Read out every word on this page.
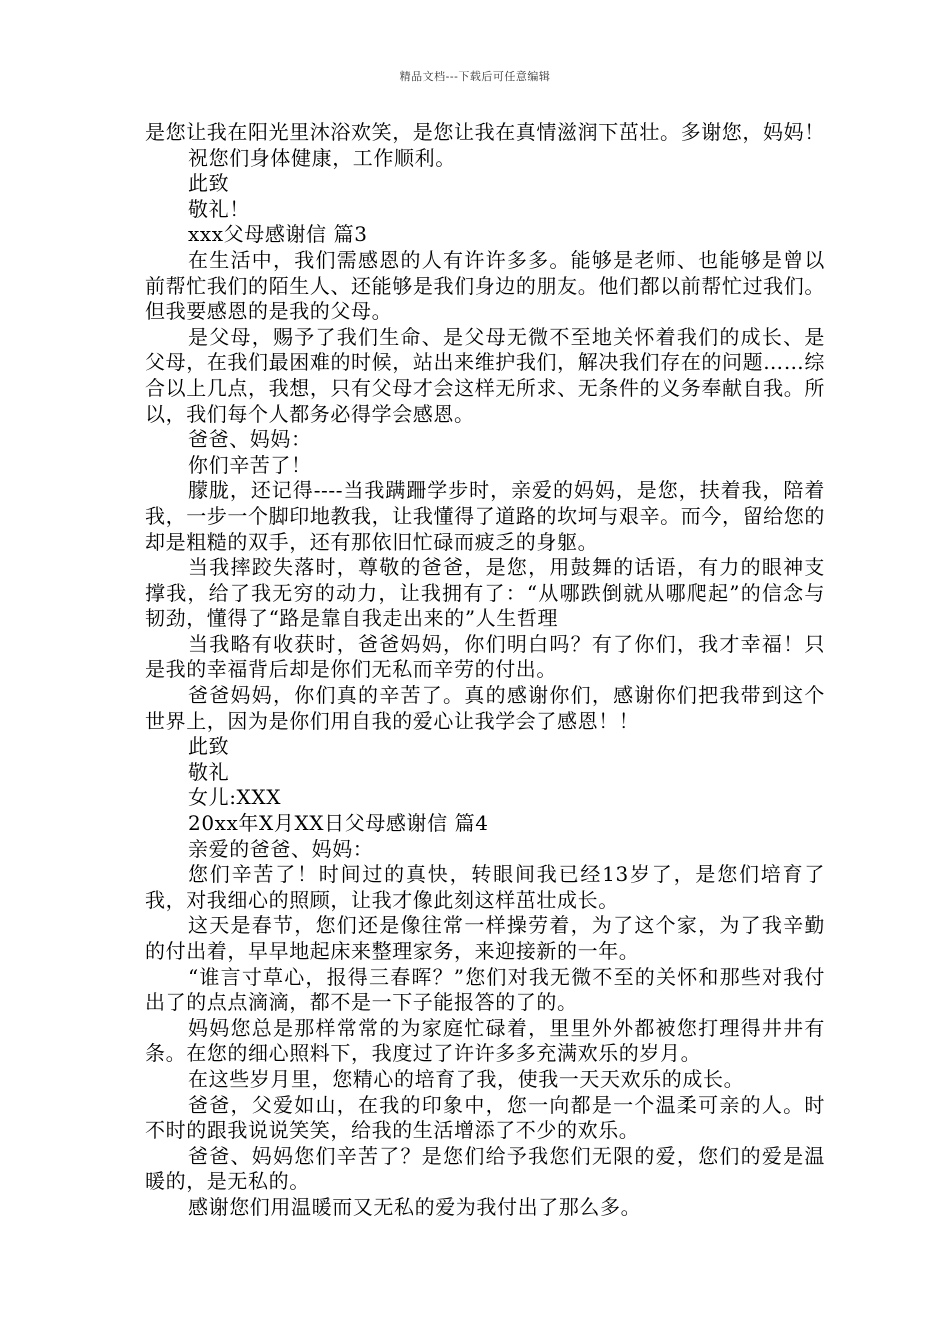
精品文档---下载后可任意编辑

是您让我在阳光里沐浴欢笑，是您让我在真情滋润下茁壮。多谢您，妈妈！

祝您们身体健康，工作顺利。

此致

敬礼！

xxx父母感谢信 篇3

在生活中，我们需感恩的人有许许多多。能够是老师、也能够是曾以前帮忙我们的陌生人、还能够是我们身边的朋友。他们都以前帮忙过我们。但我要感恩的是我的父母。

是父母，赐予了我们生命、是父母无微不至地关怀着我们的成长、是父母，在我们最困难的时候，站出来维护我们，解决我们存在的问题……综合以上几点，我想，只有父母才会这样无所求、无条件的义务奉献自我。所以，我们每个人都务必得学会感恩。

爸爸、妈妈：

你们辛苦了！

朦胧，还记得----当我蹒跚学步时，亲爱的妈妈，是您，扶着我，陪着我，一步一个脚印地教我，让我懂得了道路的坎坷与艰辛。而今，留给您的却是粗糙的双手，还有那依旧忙碌而疲乏的身躯。

当我摔跤失落时，尊敬的爸爸，是您，用鼓舞的话语，有力的眼神支撑我，给了我无穷的动力，让我拥有了：“从哪跌倒就从哪爬起”的信念与韧劲，懂得了“路是靠自我走出来的”人生哲理

当我略有收获时，爸爸妈妈，你们明白吗？有了你们，我才幸福！只是我的幸福背后却是你们无私而辛劳的付出。

爸爸妈妈，你们真的辛苦了。真的感谢你们，感谢你们把我带到这个世界上，因为是你们用自我的爱心让我学会了感恩！！

此致

敬礼

女儿:XXX

20xx年X月XX日父母感谢信 篇4

亲爱的爸爸、妈妈：

您们辛苦了！时间过的真快，转眼间我已经13岁了，是您们培育了我，对我细心的照顾，让我才像此刻这样茁壮成长。

这天是春节，您们还是像往常一样操劳着，为了这个家，为了我辛勤的付出着，早早地起床来整理家务，来迎接新的一年。

“谁言寸草心，报得三春晖？”您们对我无微不至的关怀和那些对我付出了的点点滴滴，都不是一下子能报答的了的。

妈妈您总是那样常常的为家庭忙碌着，里里外外都被您打理得井井有条。在您的细心照料下，我度过了许许多多充满欢乐的岁月。

在这些岁月里，您精心的培育了我，使我一天天欢乐的成长。

爸爸，父爱如山，在我的印象中，您一向都是一个温柔可亲的人。时不时的跟我说说笑笑，给我的生活增添了不少的欢乐。

爸爸、妈妈您们辛苦了？是您们给予我您们无限的爱，您们的爱是温暖的，是无私的。

感谢您们用温暖而又无私的爱为我付出了那么多。
